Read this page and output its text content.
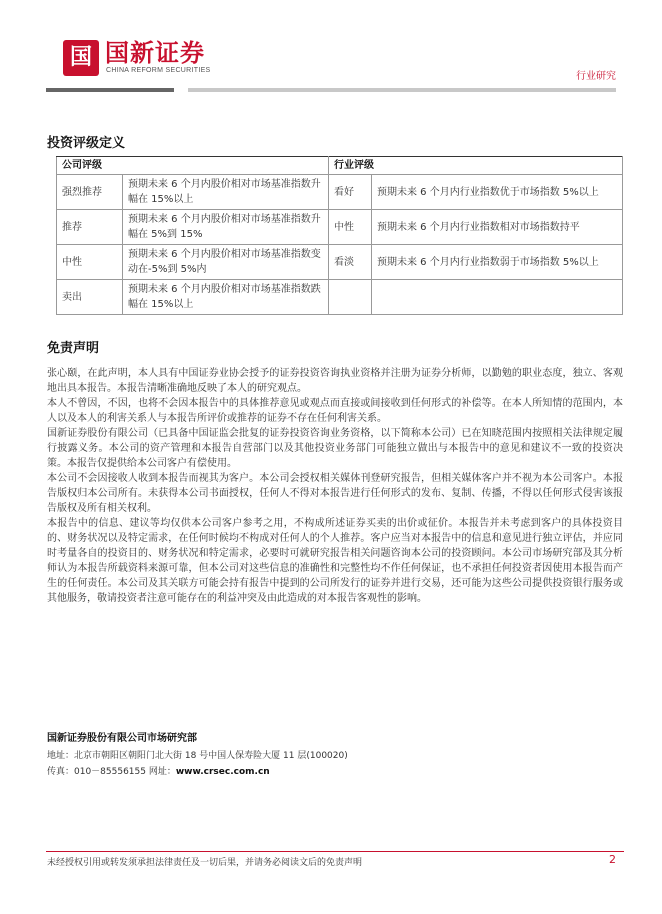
国 国新证券
CHINA REFORM SECURITIES
行业研究
投资评级定义
公司评级		行业评级	
强烈推荐	预期未来 6 个月内股价相对市场基准指数升幅在 15%以上	看好	预期未来 6 个月内行业指数优于市场指数 5%以上
推荐	预期未来 6 个月内股价相对市场基准指数升幅在 5%到 15%	中性	预期未来 6 个月内行业指数相对市场指数持平
中性	预期未来 6 个月内股价相对市场基准指数变动在-5%到 5%内	看淡	预期未来 6 个月内行业指数弱于市场指数 5%以上
卖出	预期未来 6 个月内股价相对市场基准指数跌幅在 15%以上		
免责声明

张心颐，在此声明，本人具有中国证券业协会授予的证券投资咨询执业资格并注册为证券分析师，以勤勉的职业态度，独立、客观地出具本报告。本报告清晰准确地反映了本人的研究观点。

本人不曾因，不因，也将不会因本报告中的具体推荐意见或观点而直接或间接收到任何形式的补偿等。在本人所知情的范围内，本人以及本人的利害关系人与本报告所评价或推荐的证券不存在任何利害关系。

国新证券股份有限公司（已具备中国证监会批复的证券投资咨询业务资格，以下简称本公司）已在知晓范围内按照相关法律规定履行披露义务。本公司的资产管理和本报告自营部门以及其他投资业务部门可能独立做出与本报告中的意见和建议不一致的投资决策。本报告仅提供给本公司客户有偿使用。

本公司不会因接收人收到本报告而视其为客户。本公司会授权相关媒体刊登研究报告，但相关媒体客户并不视为本公司客户。本报告版权归本公司所有。未获得本公司书面授权，任何人不得对本报告进行任何形式的发布、复制、传播，不得以任何形式侵害该报告版权及所有相关权利。

本报告中的信息、建议等均仅供本公司客户参考之用，不构成所述证券买卖的出价或征价。本报告并未考虑到客户的具体投资目的、财务状况以及特定需求，在任何时候均不构成对任何人的个人推荐。客户应当对本报告中的信息和意见进行独立评估，并应同时考量各自的投资目的、财务状况和特定需求，必要时可就研究报告相关问题咨询本公司的投资顾问。本公司市场研究部及其分析师认为本报告所载资料来源可靠，但本公司对这些信息的准确性和完整性均不作任何保证，也不承担任何投资者因使用本报告而产生的任何责任。本公司及其关联方可能会持有报告中提到的公司所发行的证券并进行交易，还可能为这些公司提供投资银行服务或其他服务，敬请投资者注意可能存在的利益冲突及由此造成的对本报告客观性的影响。

国新证券股份有限公司市场研究部
地址：北京市朝阳区朝阳门北大街 18 号中国人保寿险大厦 11 层(100020)
传真：010－85556155 网址：www.crsec.com.cn
未经授权引用或转发须承担法律责任及一切后果，并请务必阅读文后的免责声明	2
